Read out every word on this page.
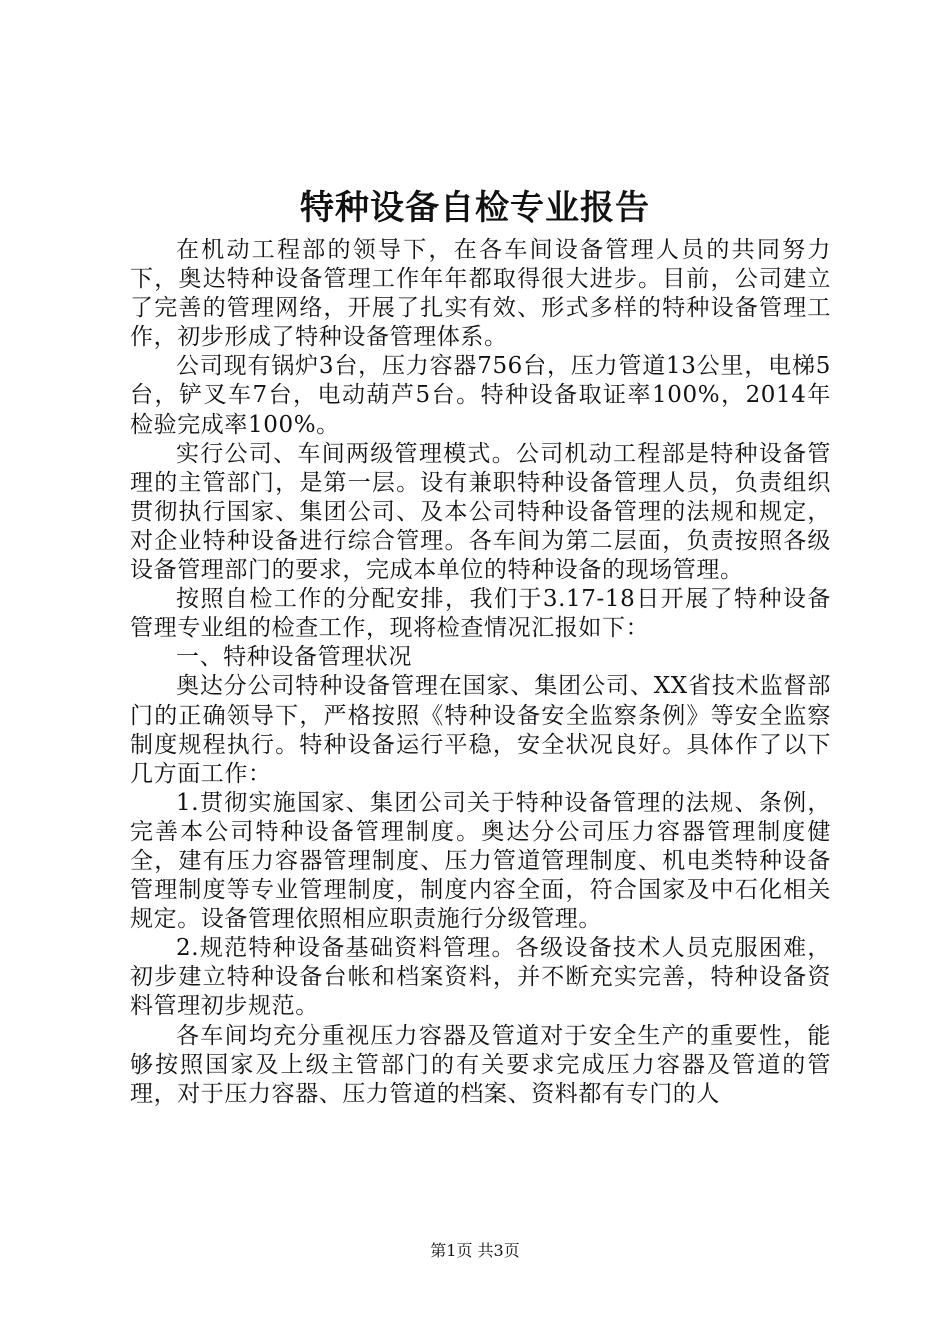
特种设备自检专业报告

在机动工程部的领导下，在各车间设备管理人员的共同努力下，奥达特种设备管理工作年年都取得很大进步。目前，公司建立了完善的管理网络，开展了扎实有效、形式多样的特种设备管理工作，初步形成了特种设备管理体系。

公司现有锅炉3台，压力容器756台，压力管道13公里，电梯5台，铲叉车7台，电动葫芦5台。特种设备取证率100%，2014年检验完成率100%。

实行公司、车间两级管理模式。公司机动工程部是特种设备管理的主管部门，是第一层。设有兼职特种设备管理人员，负责组织贯彻执行国家、集团公司、及本公司特种设备管理的法规和规定，对企业特种设备进行综合管理。各车间为第二层面，负责按照各级设备管理部门的要求，完成本单位的特种设备的现场管理。

按照自检工作的分配安排，我们于3.17-18日开展了特种设备管理专业组的检查工作，现将检查情况汇报如下：

一、特种设备管理状况

奥达分公司特种设备管理在国家、集团公司、XX省技术监督部门的正确领导下，严格按照《特种设备安全监察条例》等安全监察制度规程执行。特种设备运行平稳，安全状况良好。具体作了以下几方面工作：

1.贯彻实施国家、集团公司关于特种设备管理的法规、条例，完善本公司特种设备管理制度。奥达分公司压力容器管理制度健全，建有压力容器管理制度、压力管道管理制度、机电类特种设备管理制度等专业管理制度，制度内容全面，符合国家及中石化相关规定。设备管理依照相应职责施行分级管理。

2.规范特种设备基础资料管理。各级设备技术人员克服困难，初步建立特种设备台帐和档案资料，并不断充实完善，特种设备资料管理初步规范。

各车间均充分重视压力容器及管道对于安全生产的重要性，能够按照国家及上级主管部门的有关要求完成压力容器及管道的管理，对于压力容器、压力管道的档案、资料都有专门的人

第1页 共3页
